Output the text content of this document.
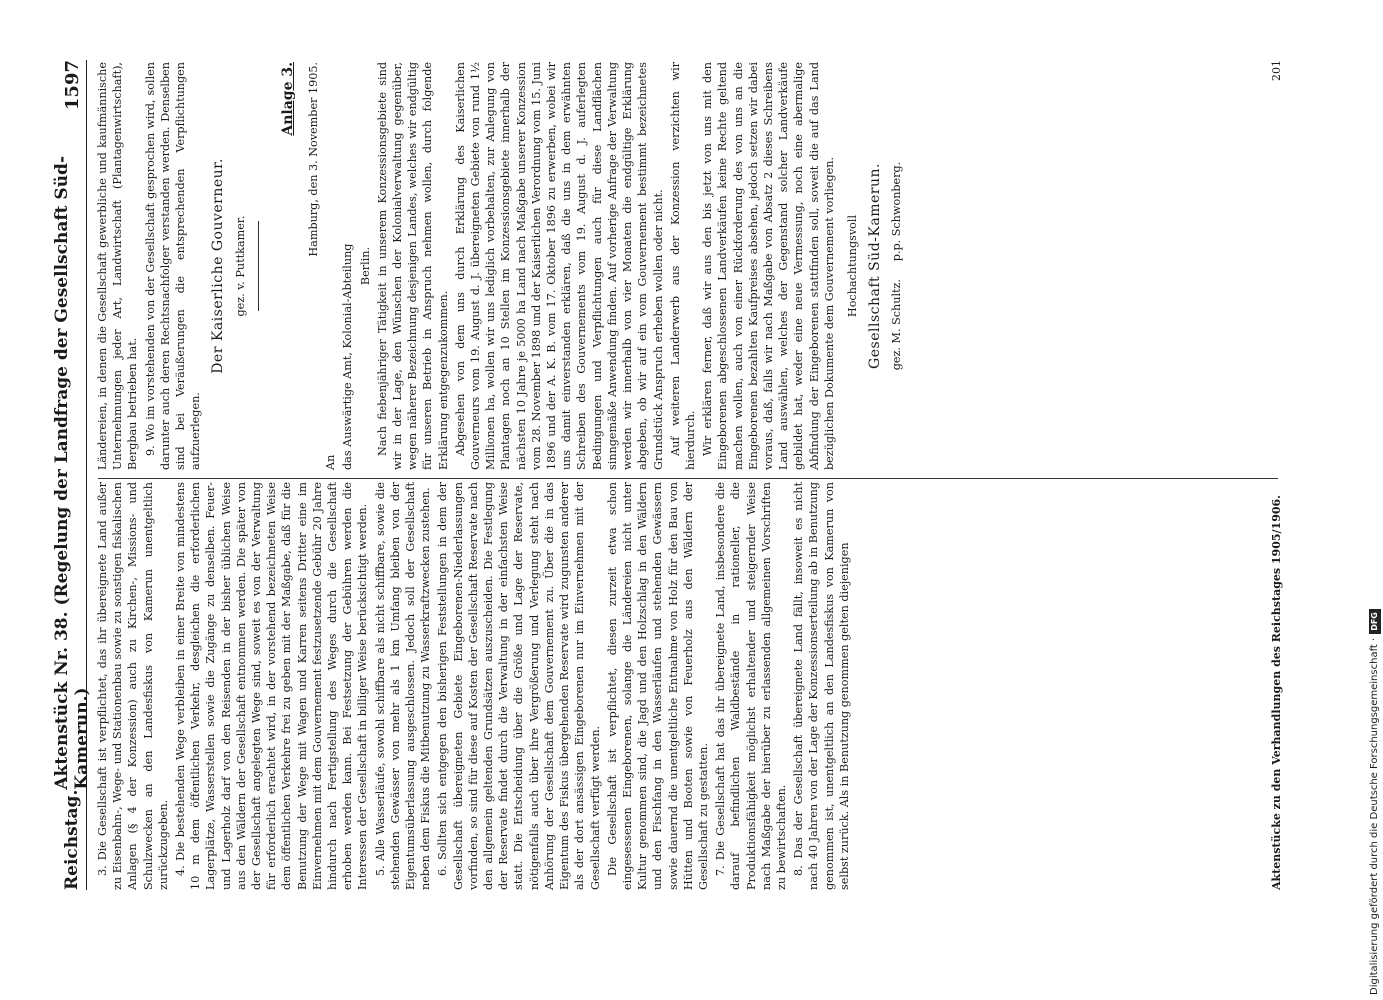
Reichstag.
Aktenstück Nr. 38. (Regelung der Landfrage der Gesellschaft Süd-Kamerun.)
1597

3. Die Gesellschaft ist verpflichtet, das ihr übereignete Land außer zu Eisenbahn-, Wege- und Stationenbau sowie zu sonstigen fiskalischen Anlagen (§ 4 der Konzession) auch zu Kirchen-, Missions- und Schulzwecken an den Landesfiskus von Kamerun unentgeltlich zurückzugeben. 4. Die bestehenden Wege verbleiben in einer Breite von mindestens 10 m dem öffentlichen Verkehr, desgleichen die erforderlichen Lagerplätze, Wasserstellen sowie die Zugänge zu denselben. Feuer- und Lagerholz darf von den Reisenden in der bisher üblichen Weise aus den Wäldern der Gesellschaft entnommen werden. Die später von der Gesellschaft angelegten Wege sind, soweit es von der Verwaltung für erforderlich erachtet wird, in der vorstehend bezeichneten Weise dem öffentlichen Verkehre frei zu geben mit der Maßgabe, daß für die Benutzung der Wege mit Wagen und Karren seitens Dritter eine im Einvernehmen mit dem Gouvernement festzusetzende Gebühr 20 Jahre hindurch nach Fertigstellung des Weges durch die Gesellschaft erhoben werden kann. Bei Festsetzung der Gebühren werden die Interessen der Gesellschaft in billiger Weise berücksichtigt werden. 5. Alle Wasserläufe, sowohl schiffbare als nicht schiffbare, sowie die stehenden Gewässer von mehr als 1 km Umfang bleiben von der Eigentumsüberlassung ausgeschlossen. Jedoch soll der Gesellschaft neben dem Fiskus die Mitbenutzung zu Wasserkraftzwecken zustehen. 6. Sollten sich entgegen den bisherigen Feststellungen in dem der Gesellschaft übereigneten Gebiete Eingeborenen-Niederlassungen vorfinden, so sind für diese auf Kosten der Gesellschaft Reservate nach den allgemein geltenden Grundsätzen auszuscheiden. Die Festlegung der Reservate findet durch die Verwaltung in der einfachsten Weise statt. Die Entscheidung über die Größe und Lage der Reservate, nötigenfalls auch über ihre Vergrößerung und Verlegung steht nach Anhörung der Gesellschaft dem Gouvernement zu. Über die in das Eigentum des Fiskus übergehenden Reservate wird zugunsten anderer als der dort ansässigen Eingeborenen nur im Einvernehmen mit der Gesellschaft verfügt werden. Die Gesellschaft ist verpflichtet, diesen zurzeit etwa schon eingesessenen Eingeborenen, solange die Ländereien nicht unter Kultur genommen sind, die Jagd und den Holzschlag in den Wäldern und den Fischfang in den Wasserläufen und stehenden Gewässern sowie dauernd die unentgeltliche Entnahme von Holz für den Bau von Hütten und Booten sowie von Feuerholz aus den Wäldern der Gesellschaft zu gestatten. 7. Die Gesellschaft hat das ihr übereignete Land, insbesondere die darauf befindlichen Waldbestände in rationeller, die Produktionsfähigkeit möglichst erhaltender und steigernder Weise nach Maßgabe der hierüber zu erlassenden allgemeinen Vorschriften zu bewirtschaften. 8. Das der Gesellschaft übereignete Land fällt, insoweit es nicht nach 40 Jahren von der Lage der Konzessionserteilung ab in Benutzung genommen ist, unentgeltlich an den Landesfiskus von Kamerun von selbst zurück. Als in Benutzung genommen gelten diejenigen

Ländereien, in denen die Gesellschaft gewerbliche und kaufmännische Unternehmungen jeder Art, Landwirtschaft (Plantagenwirtschaft), Bergbau betrieben hat. 9. Wo im vorstehenden von der Gesellschaft gesprochen wird, sollen darunter auch deren Rechtsnachfolger verstanden werden. Denselben sind bei Veräußerungen die entsprechenden Verpflichtungen aufzuerlegen.

Der Kaiserliche Gouverneur. gez. v. Puttkamer.

Anlage 3. Hamburg, den 3. November 1905.

An das Auswärtige Amt, Kolonial-Abteilung Berlin. Nach fiebenjähriger Tätigkeit in unserem Konzessionsgebiete sind wir in der Lage, den Wünschen der Kolonialverwaltung gegenüber, wegen näherer Bezeichnung desjenigen Landes, welches wir endgültig für unseren Betrieb in Anspruch nehmen wollen, durch folgende Erklärung entgegenzukommen. Abgesehen von dem uns durch Erklärung des Kaiserlichen Gouverneurs vom 19. August d. J. übereigneten Gebiete von rund 1½ Millionen ha, wollen wir uns lediglich vorbehalten, zur Anlegung von Plantagen noch an 10 Stellen im Konzessionsgebiete innerhalb der nächsten 10 Jahre je 5000 ha Land nach Maßgabe unserer Konzession vom 28. November 1898 und der Kaiserlichen Verordnung vom 15. Juni 1896 und der A. K. B. vom 17. Oktober 1896 zu erwerben, wobei wir uns damit einverstanden erklären, daß die uns in dem erwähnten Schreiben des Gouvernements vom 19. August d. J. auferlegten Bedingungen und Verpflichtungen auch für diese Landflächen sinngemäße Anwendung finden. Auf vorherige Anfrage der Verwaltung werden wir innerhalb von vier Monaten die endgültige Erklärung abgeben, ob wir auf ein vom Gouvernement bestimmt bezeichnetes Grundstück Anspruch erheben wollen oder nicht. Auf weiteren Landerwerb aus der Konzession verzichten wir hierdurch. Wir erklären ferner, daß wir aus den bis jetzt von uns mit den Eingeborenen abgeschlossenen Landverkäufen keine Rechte geltend machen wollen, auch von einer Rückforderung des von uns an die Eingeborenen bezahlten Kaufpreises absehen, jedoch setzen wir dabei voraus, daß, falls wir nach Maßgabe von Absatz 2 dieses Schreibens Land auswählen, welches der Gegenstand solcher Landverkäufe gebildet hat, weder eine neue Vermessung, noch eine abermalige Abfindung der Eingeborenen stattfinden soll, soweit die auf das Land bezüglichen Dokumente dem Gouvernement vorliegen. Hochachtungsvoll Gesellschaft Süd-Kamerun. gez. M. Schultz.     p.p. Schwonberg.

Aktenstücke zu den Verhandlungen des Reichstages 1905/1906.
201
Digitalisierung gefördert durch die Deutsche Forschungsgemeinschaft ·DFG
